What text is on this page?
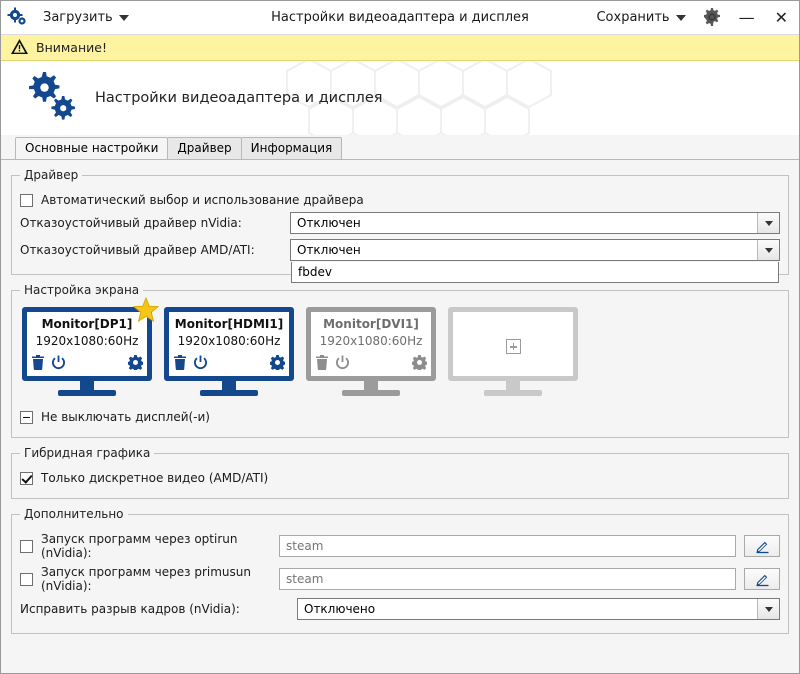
Загрузить	Настройки видеоадаптера и дисплея	Сохранить	—	✕
Внимание!
Настройки видеоадаптера и дисплея
Основные настройки	Драйвер	Информация
Драйвер
Автоматический выбор и использование драйвера
Отказоустойчивый драйвер nVidia:	Отключен
Отказоустойчивый драйвер AMD/ATI:	Отключен
fbdev
Настройка экрана
Monitor[DP1]
1920x1080:60Hz
Monitor[HDMI1]
1920x1080:60Hz
Monitor[DVI1]
1920x1080:60Hz
Не выключать дисплей(-и)
Гибридная графика
Только дискретное видео (AMD/ATI)
Дополнительно
Запуск программ через optirun (nVidia):
steam
Запуск программ через primusun (nVidia):
steam
Исправить разрыв кадров (nVidia):	Отключено
